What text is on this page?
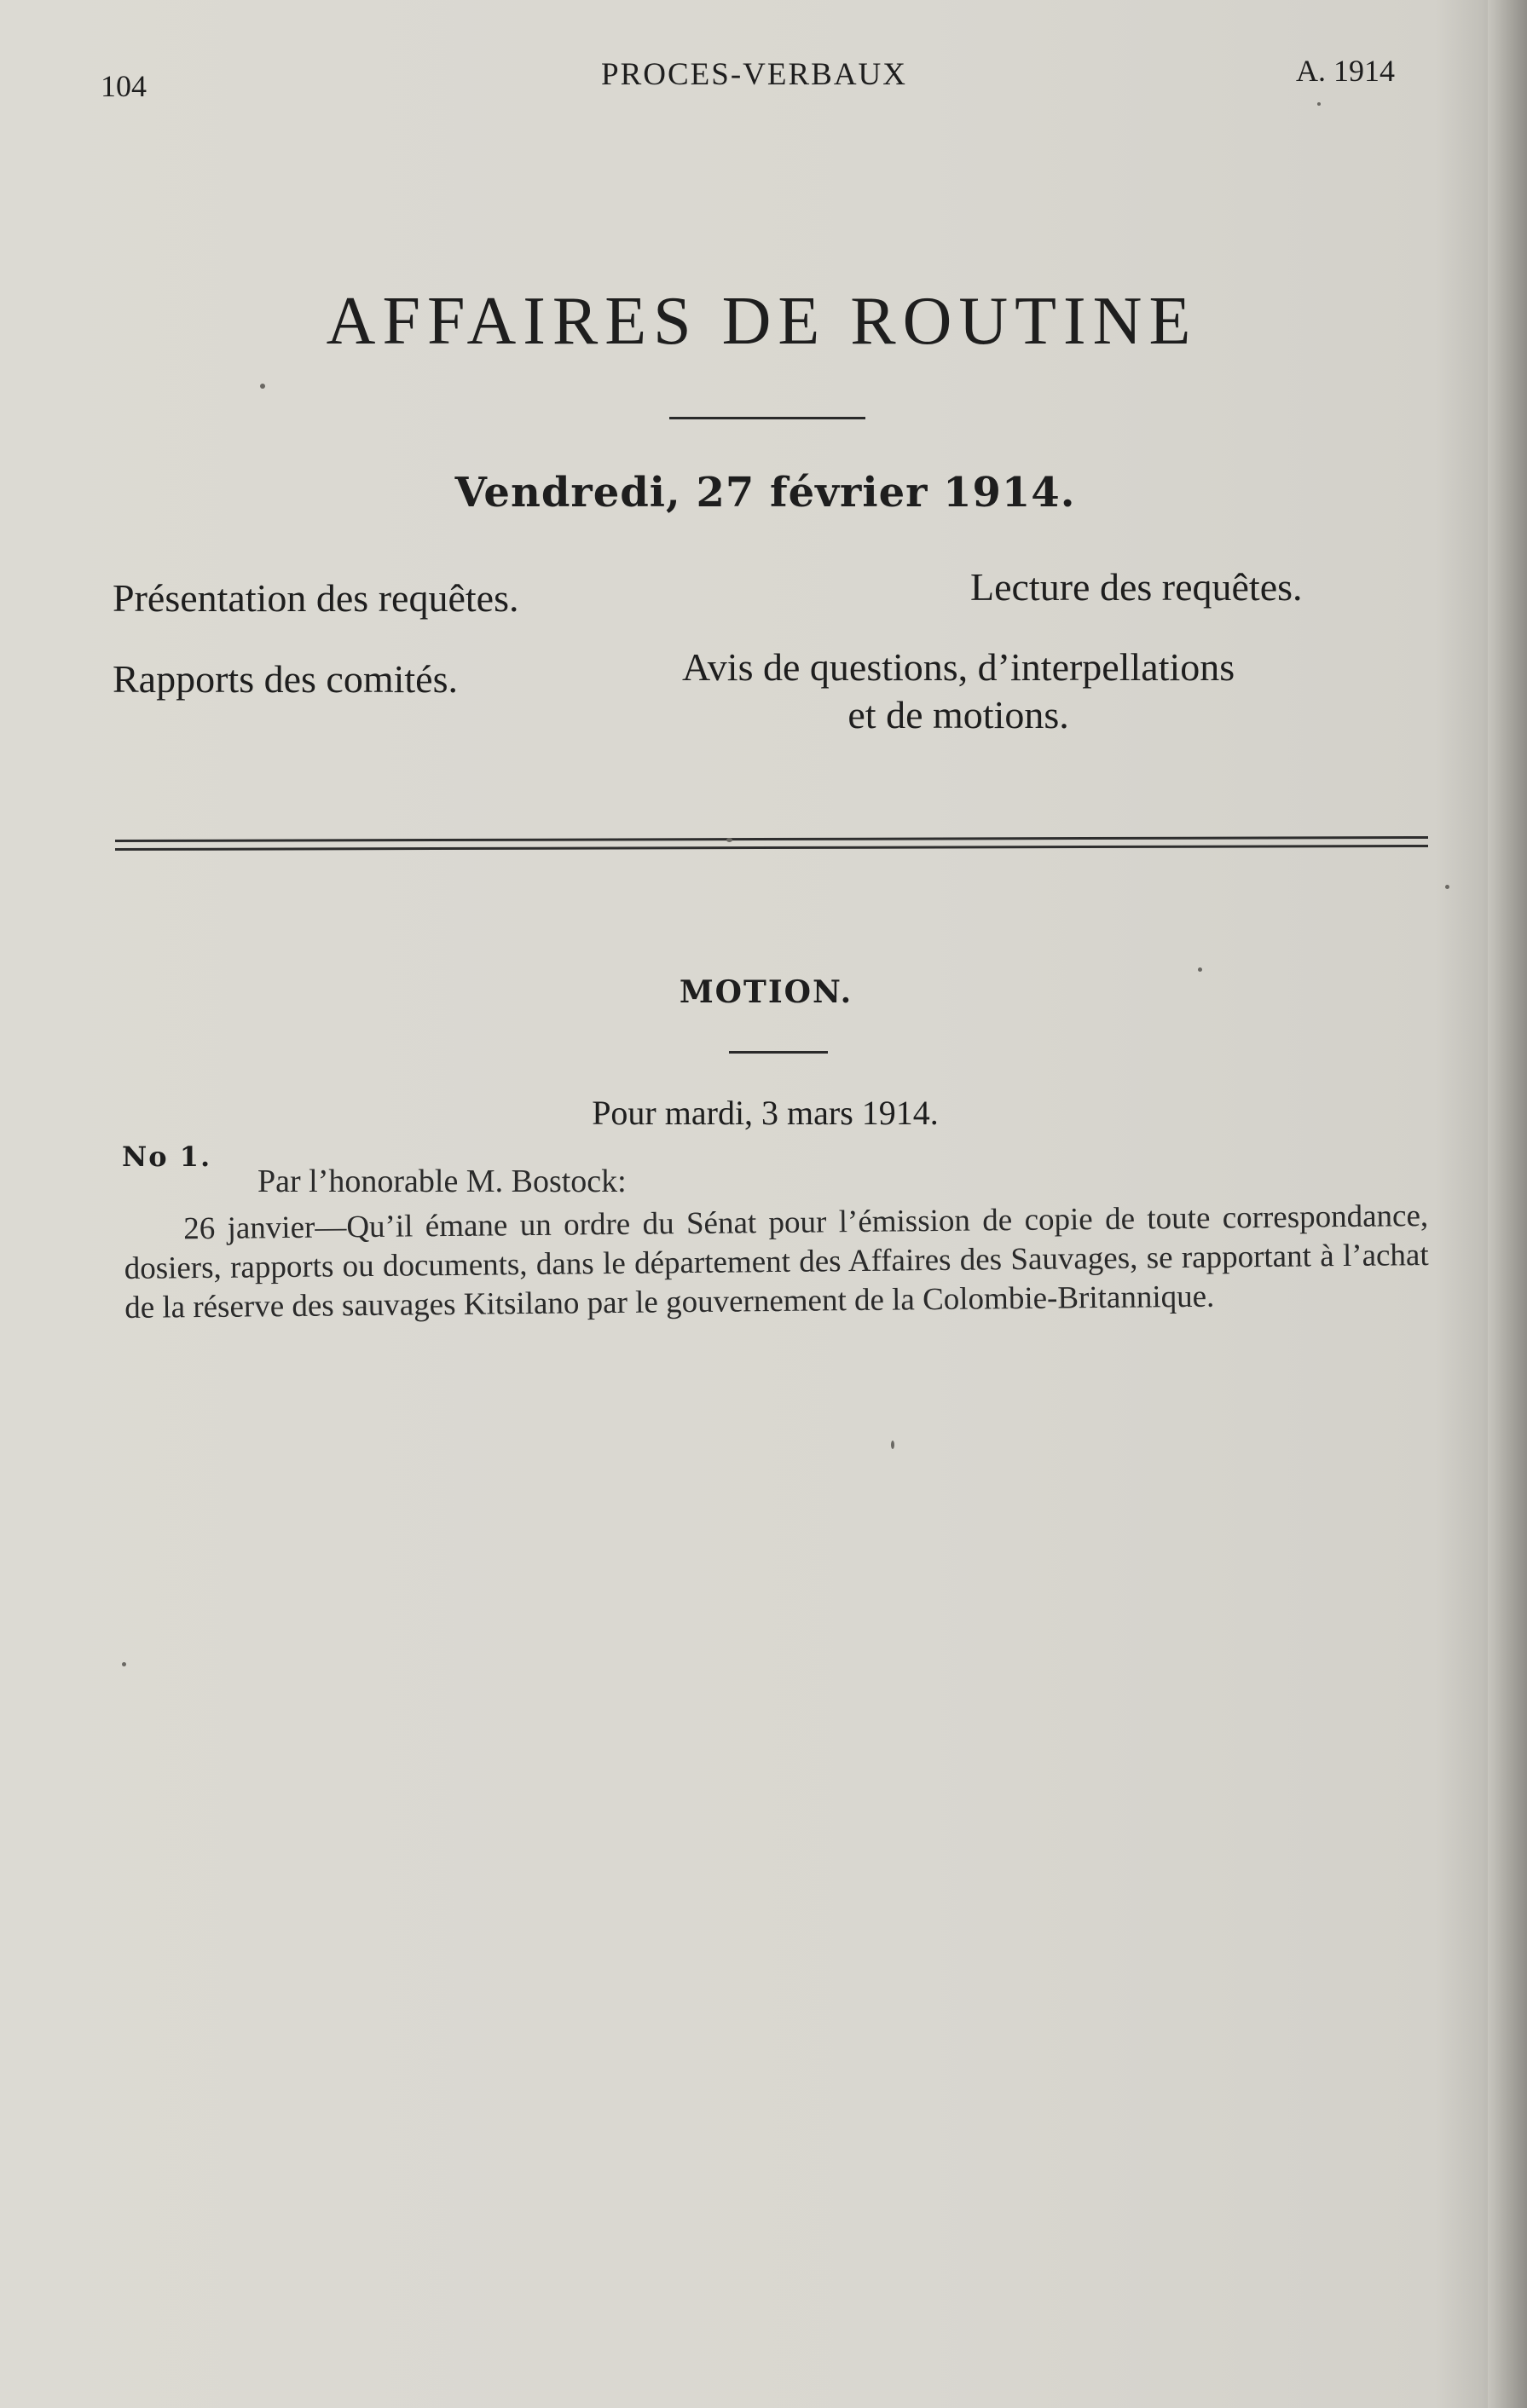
104	PROCES-VERBAUX	A. 1914
AFFAIRES DE ROUTINE
Vendredi, 27 février 1914.
Présentation des requêtes.	Lecture des requêtes.
Rapports des comités.	Avis de questions, d’interpellations
et de motions.
MOTION.
Pour mardi, 3 mars 1914.
No 1.
Par l’honorable M. Bostock:
26 janvier—Qu’il émane un ordre du Sénat pour l’émission de copie de toute correspondance, dosiers, rapports ou documents, dans le département des Affaires des Sauvages, se rapportant à l’achat de la réserve des sauvages Kitsilano par le gouvernement de la Colombie-Britannique.
